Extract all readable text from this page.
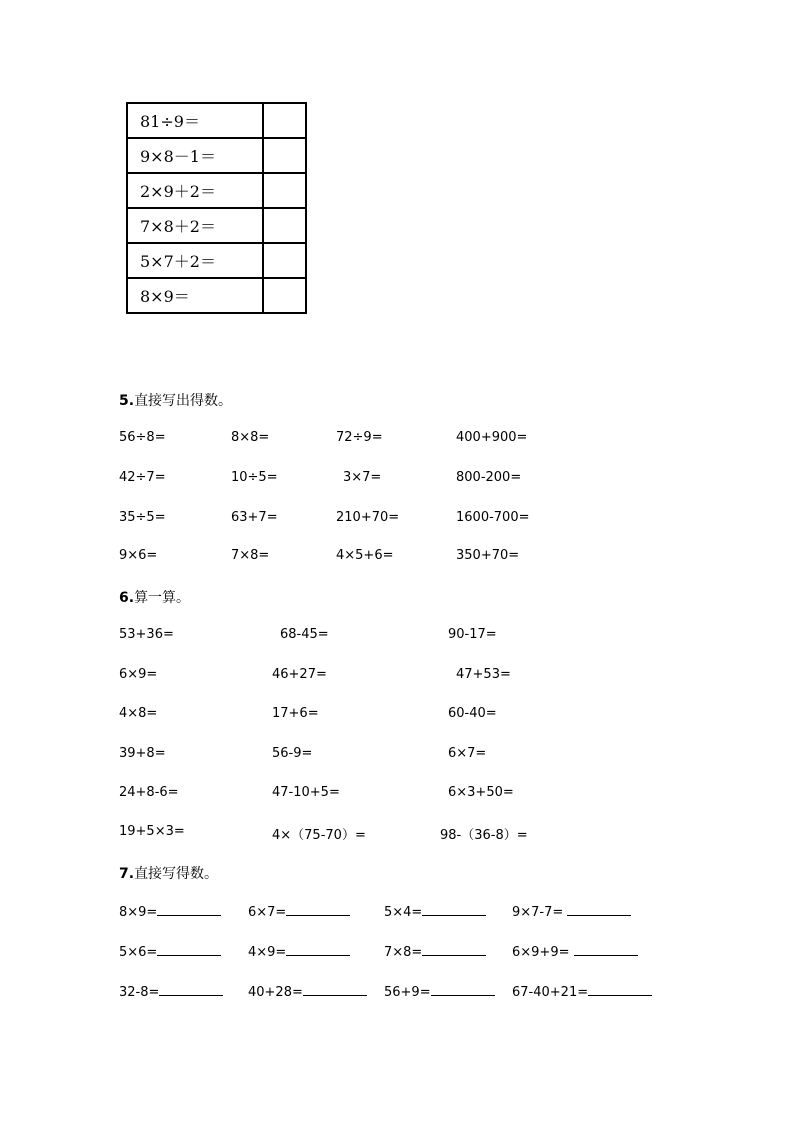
81÷9＝	
9×8－1＝	
2×9＋2＝	
7×8＋2＝	
5×7＋2＝	
8×9＝	
5.直接写出得数。
56÷8=	8×8=	72÷9=	400+900=
42÷7=	10÷5=	3×7=	800-200=
35÷5=	63+7=	210+70=	1600-700=
9×6=	7×8=	4×5+6=	350+70=
6.算一算。
53+36=	68-45=	90-17=
6×9=	46+27=	47+53=
4×8=	17+6=	60-40=
39+8=	56-9=	6×7=
24+8-6=	47-10+5=	6×3+50=
19+5×3=	4×（75-70）=	98-（36-8）=
7.直接写得数。
8×9=	6×7=	5×4=	9×7-7=
5×6=	4×9=	7×8=	6×9+9=
32-8=	40+28=	56+9=	67-40+21=
